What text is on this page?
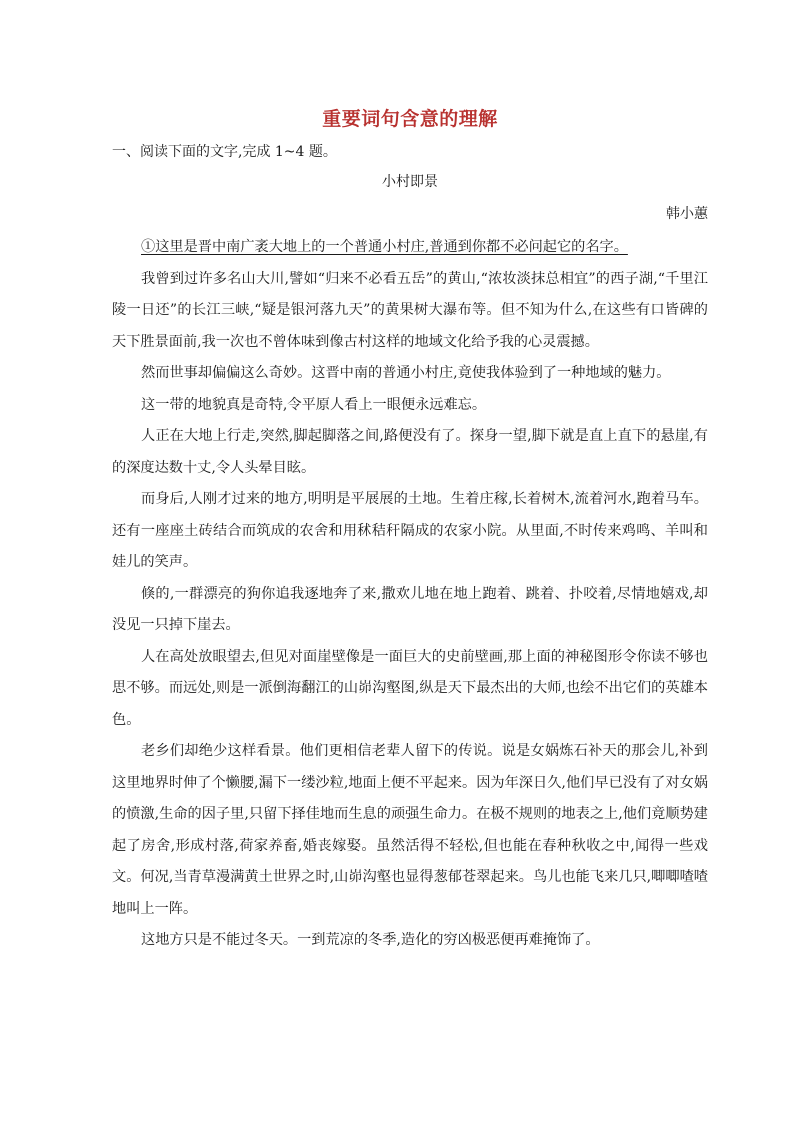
重要词句含意的理解

一、阅读下面的文字,完成 1~4 题。

小村即景
韩小蕙

①这里是晋中南广袤大地上的一个普通小村庄,普通到你都不必问起它的名字。

我曾到过许多名山大川,譬如“归来不必看五岳”的黄山,“浓妆淡抹总相宜”的西子湖,“千里江陵一日还”的长江三峡,“疑是银河落九天”的黄果树大瀑布等。但不知为什么,在这些有口皆碑的天下胜景面前,我一次也不曾体味到像古村这样的地域文化给予我的心灵震撼。

然而世事却偏偏这么奇妙。这晋中南的普通小村庄,竟使我体验到了一种地域的魅力。

这一带的地貌真是奇特,令平原人看上一眼便永远难忘。

人正在大地上行走,突然,脚起脚落之间,路便没有了。探身一望,脚下就是直上直下的悬崖,有的深度达数十丈,令人头晕目眩。

而身后,人刚才过来的地方,明明是平展展的土地。生着庄稼,长着树木,流着河水,跑着马车。还有一座座土砖结合而筑成的农舍和用秫秸秆隔成的农家小院。从里面,不时传来鸡鸣、羊叫和娃儿的笑声。

倏的,一群漂亮的狗你追我逐地奔了来,撒欢儿地在地上跑着、跳着、扑咬着,尽情地嬉戏,却没见一只掉下崖去。

人在高处放眼望去,但见对面崖壁像是一面巨大的史前壁画,那上面的神秘图形令你读不够也思不够。而远处,则是一派倒海翻江的山峁沟壑图,纵是天下最杰出的大师,也绘不出它们的英雄本色。

老乡们却绝少这样看景。他们更相信老辈人留下的传说。说是女娲炼石补天的那会儿,补到这里地界时伸了个懒腰,漏下一缕沙粒,地面上便不平起来。因为年深日久,他们早已没有了对女娲的愤激,生命的因子里,只留下择佳地而生息的顽强生命力。在极不规则的地表之上,他们竟顺势建起了房舍,形成村落,荷家养畜,婚丧嫁娶。虽然活得不轻松,但也能在春种秋收之中,闻得一些戏文。何况,当青草漫满黄土世界之时,山峁沟壑也显得葱郁苍翠起来。鸟儿也能飞来几只,唧唧喳喳地叫上一阵。

这地方只是不能过冬天。一到荒凉的冬季,造化的穷凶极恶便再难掩饰了。
